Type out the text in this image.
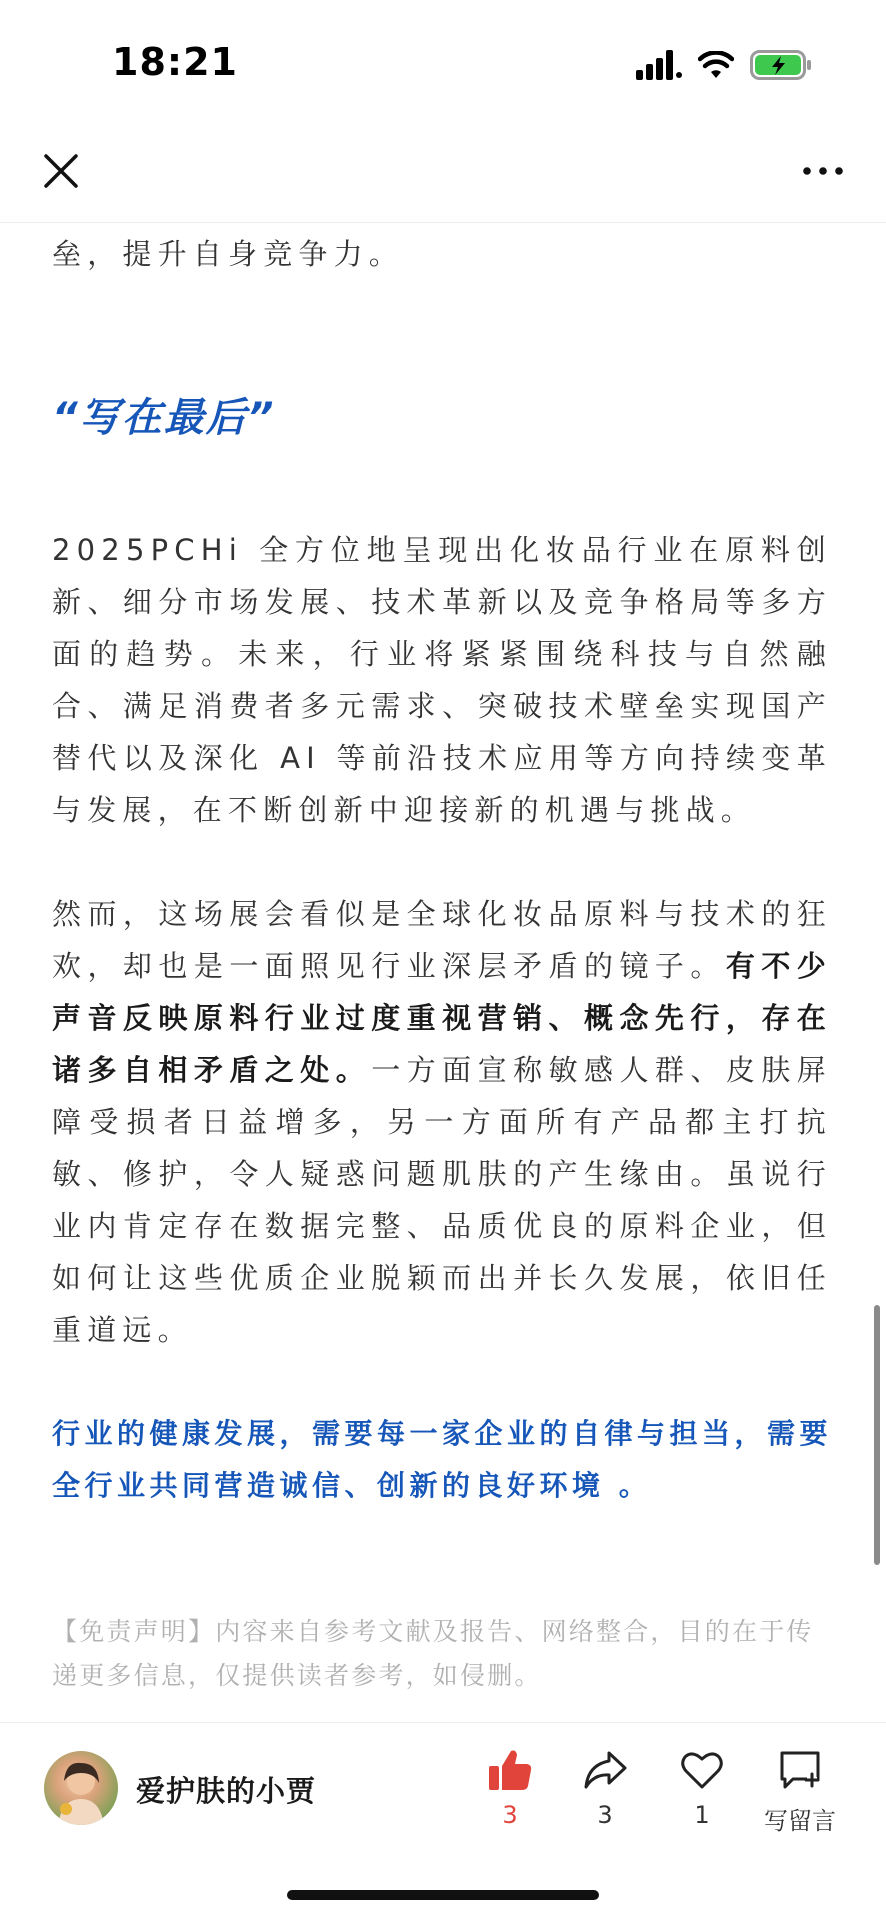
18:21

垒，提升自身竞争力。

“写在最后”

2025PCHi 全方位地呈现出化妆品行业在原料创新、细分市场发展、技术革新以及竞争格局等多方面的趋势。未来，行业将紧紧围绕科技与自然融合、满足消费者多元需求、突破技术壁垒实现国产替代以及深化 AI 等前沿技术应用等方向持续变革与发展，在不断创新中迎接新的机遇与挑战。

然而，这场展会看似是全球化妆品原料与技术的狂欢，却也是一面照见行业深层矛盾的镜子。有不少声音反映原料行业过度重视营销、概念先行，存在诸多自相矛盾之处。一方面宣称敏感人群、皮肤屏障受损者日益增多，另一方面所有产品都主打抗敏、修护，令人疑惑问题肌肤的产生缘由。虽说行业内肯定存在数据完整、品质优良的原料企业，但如何让这些优质企业脱颖而出并长久发展，依旧任重道远。

行业的健康发展，需要每一家企业的自律与担当，需要全行业共同营造诚信、创新的良好环境 。

【免责声明】内容来自参考文献及报告、网络整合，目的在于传递更多信息，仅提供读者参考，如侵删。

爱护肤的小贾
3	3	1	写留言
